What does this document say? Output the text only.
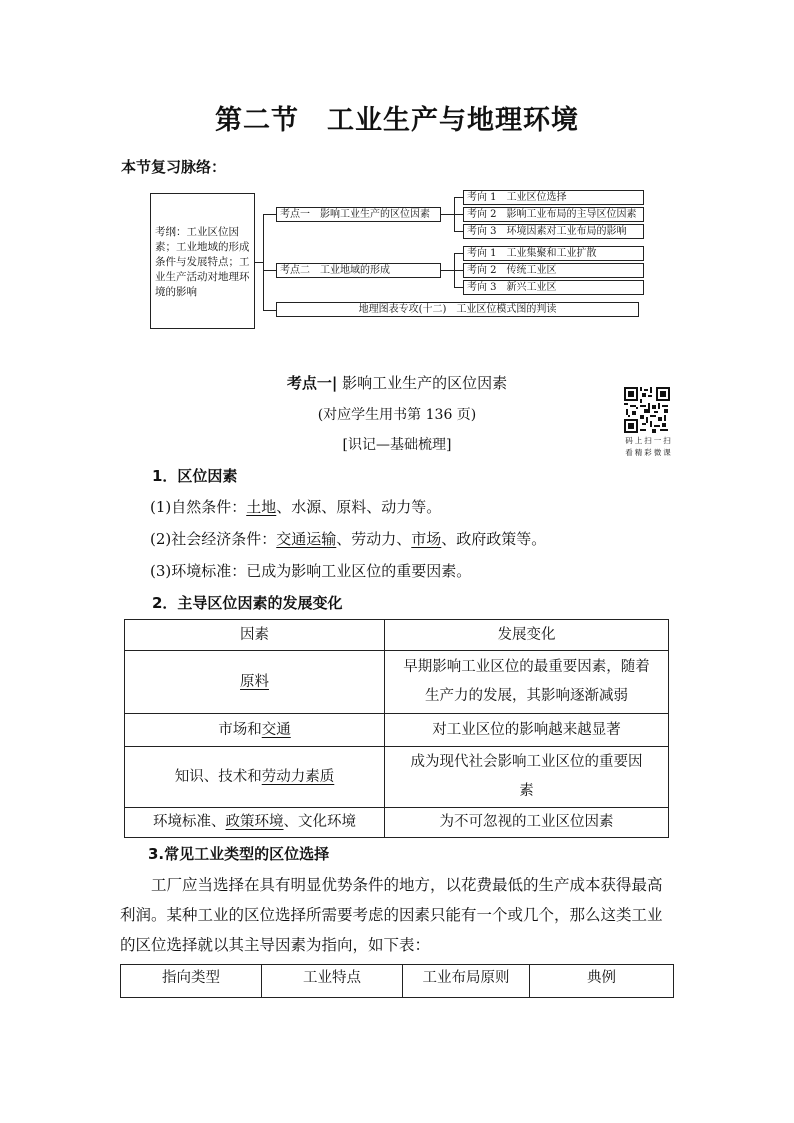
第二节 工业生产与地理环境
本节复习脉络：
考纲：工业区位因素；工业地域的形成条件与发展特点；工业生产活动对地理环境的影响
考点一　影响工业生产的区位因素
考向 1　工业区位选择
考向 2　影响工业布局的主导区位因素
考向 3　环境因素对工业布局的影响
考点二　工业地域的形成
考向 1　工业集聚和工业扩散
考向 2　传统工业区
考向 3　新兴工业区
地理图表专攻(十二)　工业区位模式图的判读
考点一| 影响工业生产的区位因素
(对应学生用书第 136 页)
[识记—基础梳理]	码上扫一扫
看精彩微课
1．区位因素
(1)自然条件：土地、水源、原料、动力等。
(2)社会经济条件：交通运输、劳动力、市场、政府政策等。
(3)环境标准：已成为影响工业区位的重要因素。
2．主导区位因素的发展变化
因素	发展变化
原料	早期影响工业区位的最重要因素，随着
生产力的发展，其影响逐渐减弱
市场和交通	对工业区位的影响越来越显著
知识、技术和劳动力素质	成为现代社会影响工业区位的重要因
素
环境标准、政策环境、文化环境	为不可忽视的工业区位因素
3.常见工业类型的区位选择
工厂应当选择在具有明显优势条件的地方，以花费最低的生产成本获得最高利润。某种工业的区位选择所需要考虑的因素只能有一个或几个，那么这类工业的区位选择就以其主导因素为指向，如下表：
指向类型	工业特点	工业布局原则	典例
